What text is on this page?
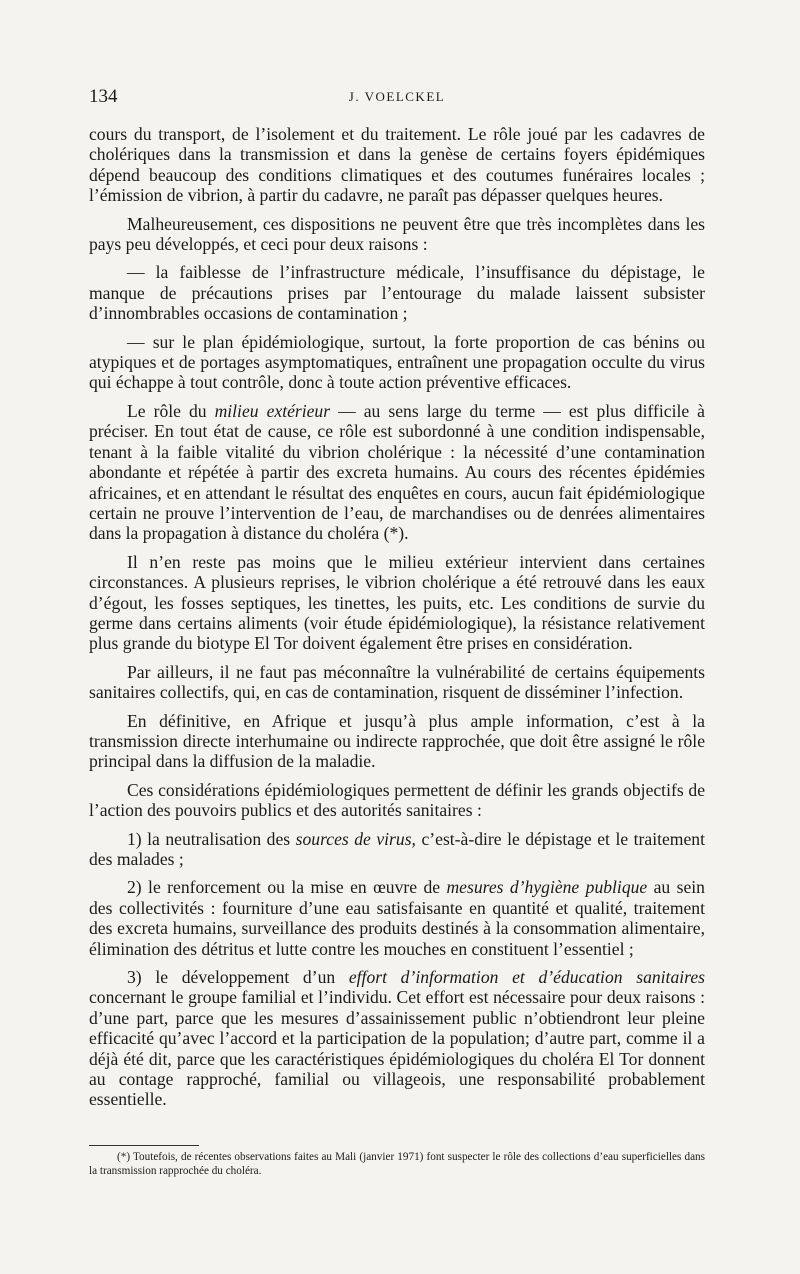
134	J. VOELCKEL

cours du transport, de l’isolement et du traitement. Le rôle joué par les cadavres de cholériques dans la transmission et dans la genèse de certains foyers épidémiques dépend beaucoup des conditions climatiques et des coutumes funéraires locales ; l’émission de vibrion, à partir du cadavre, ne paraît pas dépasser quelques heures.

Malheureusement, ces dispositions ne peuvent être que très incomplètes dans les pays peu développés, et ceci pour deux raisons :

— la faiblesse de l’infrastructure médicale, l’insuffisance du dépistage, le manque de précautions prises par l’entourage du malade laissent subsister d’innombrables occasions de contamination ;

— sur le plan épidémiologique, surtout, la forte proportion de cas bénins ou atypiques et de portages asymptomatiques, entraînent une propagation occulte du virus qui échappe à tout contrôle, donc à toute action préventive efficaces.

Le rôle du milieu extérieur — au sens large du terme — est plus difficile à préciser. En tout état de cause, ce rôle est subordonné à une condition indispensable, tenant à la faible vitalité du vibrion cholérique : la nécessité d’une contamination abondante et répétée à partir des excreta humains. Au cours des récentes épidémies africaines, et en attendant le résultat des enquêtes en cours, aucun fait épidémiologique certain ne prouve l’intervention de l’eau, de marchandises ou de denrées alimentaires dans la propagation à distance du choléra (*).

Il n’en reste pas moins que le milieu extérieur intervient dans certaines circonstances. A plusieurs reprises, le vibrion cholérique a été retrouvé dans les eaux d’égout, les fosses septiques, les tinettes, les puits, etc. Les conditions de survie du germe dans certains aliments (voir étude épidémiologique), la résistance relativement plus grande du biotype El Tor doivent également être prises en considération.

Par ailleurs, il ne faut pas méconnaître la vulnérabilité de certains équipements sanitaires collectifs, qui, en cas de contamination, risquent de disséminer l’infection.

En définitive, en Afrique et jusqu’à plus ample information, c’est à la transmission directe interhumaine ou indirecte rapprochée, que doit être assigné le rôle principal dans la diffusion de la maladie.

Ces considérations épidémiologiques permettent de définir les grands objectifs de l’action des pouvoirs publics et des autorités sanitaires :

1) la neutralisation des sources de virus, c’est-à-dire le dépistage et le traitement des malades ;

2) le renforcement ou la mise en œuvre de mesures d’hygiène publique au sein des collectivités : fourniture d’une eau satisfaisante en quantité et qualité, traitement des excreta humains, surveillance des produits destinés à la consommation alimentaire, élimination des détritus et lutte contre les mouches en constituent l’essentiel ;

3) le développement d’un effort d’information et d’éducation sanitaires concernant le groupe familial et l’individu. Cet effort est nécessaire pour deux raisons : d’une part, parce que les mesures d’assainissement public n’obtiendront leur pleine efficacité qu’avec l’accord et la participation de la population; d’autre part, comme il a déjà été dit, parce que les caractéristiques épidémiologiques du choléra El Tor donnent au contage rapproché, familial ou villageois, une responsabilité probablement essentielle.

(*) Toutefois, de récentes observations faites au Mali (janvier 1971) font suspecter le rôle des collections d’eau superficielles dans la transmission rapprochée du choléra.
